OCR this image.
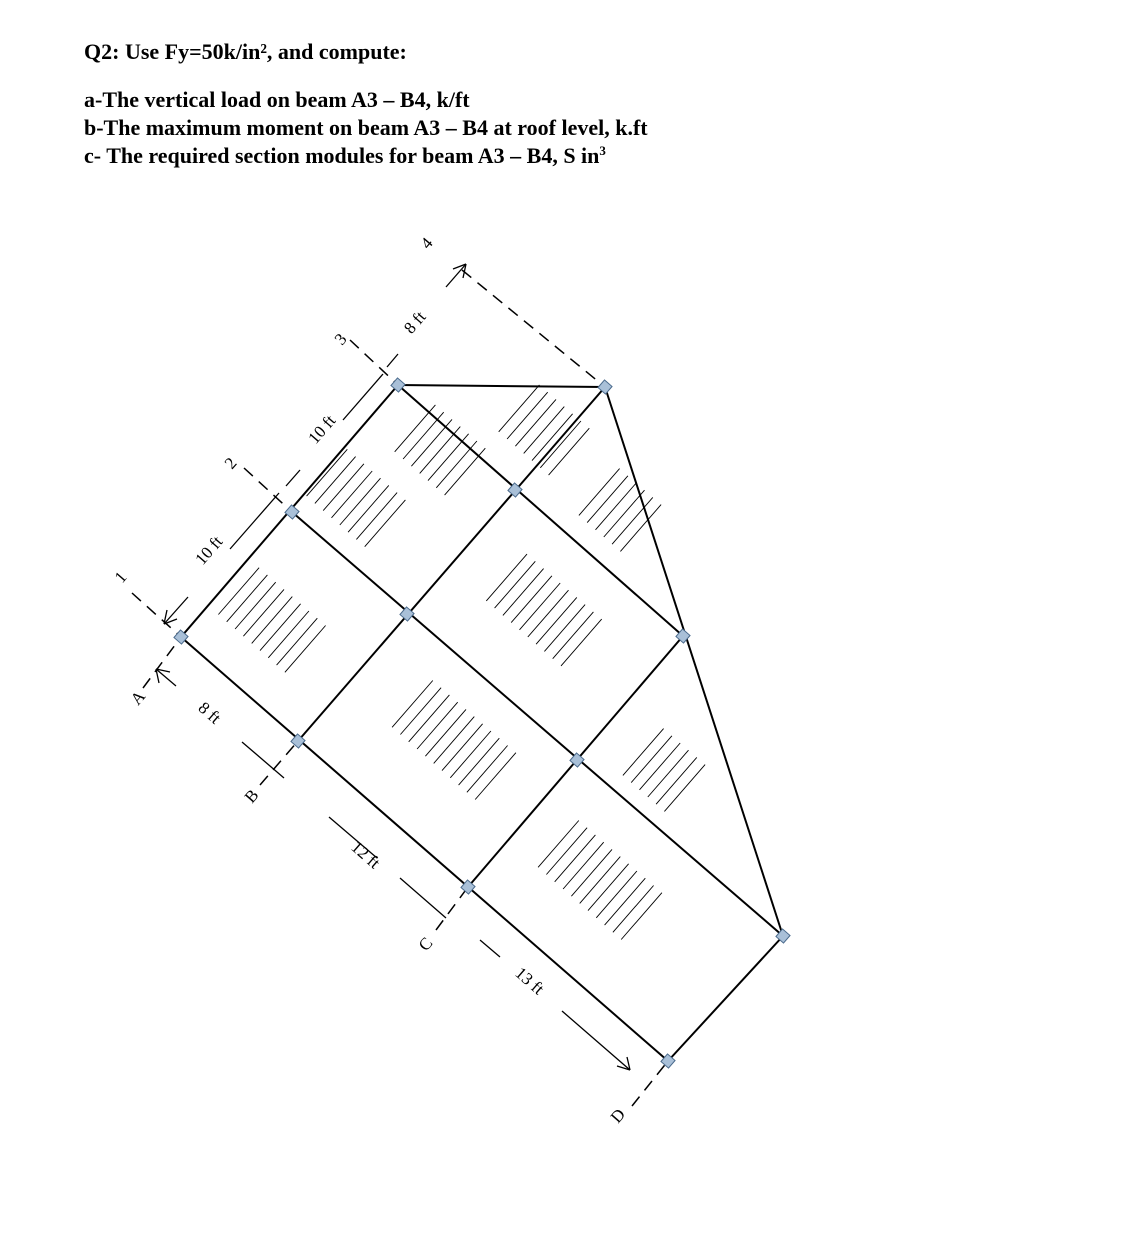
Q2: Use Fy=50k/in², and compute:
a-The vertical load on beam A3 – B4, k/ft
b-The maximum moment on beam A3 – B4 at roof level, k.ft
c- The required section modules for beam A3 – B4, S $in^3$
1
2
3
4
A
B
C
D
10 ft
10 ft
8 ft
8 ft
12 ft
13 ft
